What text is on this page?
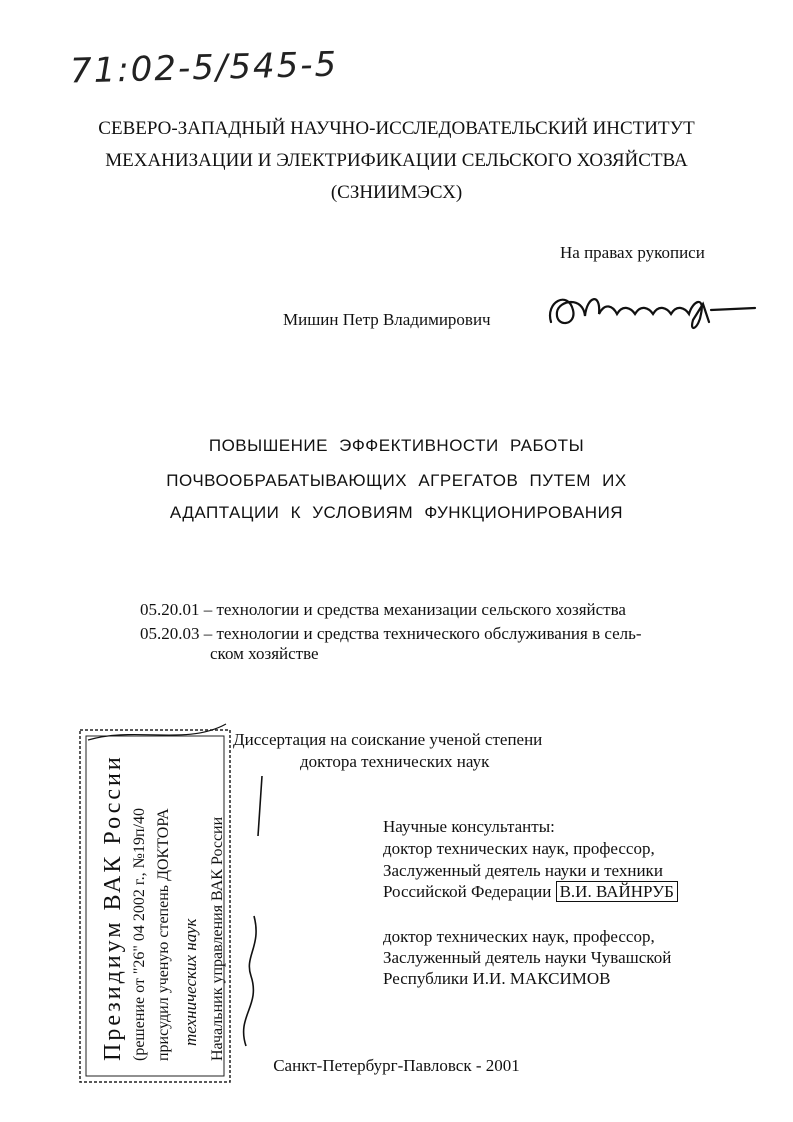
71:02-5/545-5
СЕВЕРО-ЗАПАДНЫЙ НАУЧНО-ИССЛЕДОВАТЕЛЬСКИЙ ИНСТИТУТ
МЕХАНИЗАЦИИ И ЭЛЕКТРИФИКАЦИИ СЕЛЬСКОГО ХОЗЯЙСТВА
(СЗНИИМЭСХ)
На правах рукописи
Мишин Петр Владимирович
ПОВЫШЕНИЕ ЭФФЕКТИВНОСТИ РАБОТЫ
ПОЧВООБРАБАТЫВАЮЩИХ АГРЕГАТОВ ПУТЕМ ИХ
АДАПТАЦИИ К УСЛОВИЯМ ФУНКЦИОНИРОВАНИЯ
05.20.01 – технологии и средства механизации сельского хозяйства
05.20.03 – технологии и средства технического обслуживания в сель-
ском хозяйстве
Диссертация на соискание ученой степени
доктора технических наук
Научные консультанты:
доктор технических наук, профессор,
Заслуженный деятель науки и техники
Российской Федерации В.И. ВАЙНРУБ
доктор технических наук, профессор,
Заслуженный деятель науки Чувашской
Республики И.И. МАКСИМОВ
Президиум ВАК России (решение от "26" 04 2002 г., №19п/40 присудил ученую степень ДОКТОРА технических наук Начальник управления ВАК России
Санкт-Петербург-Павловск - 2001
